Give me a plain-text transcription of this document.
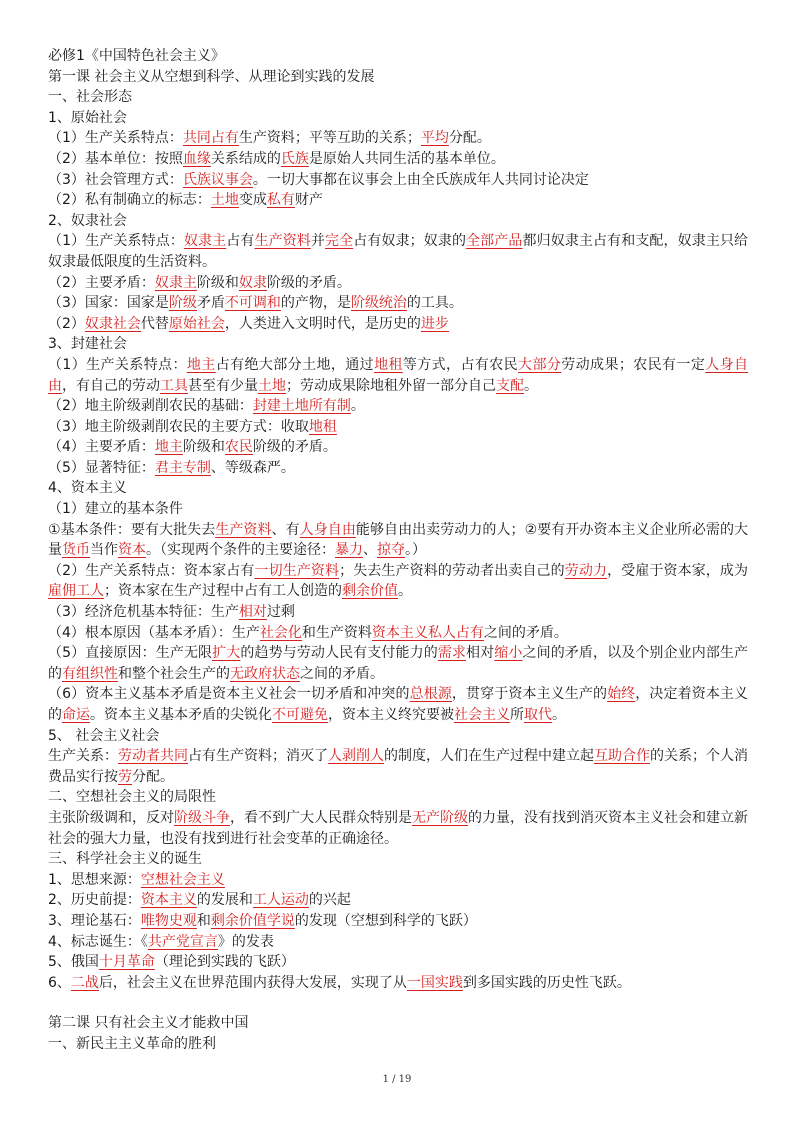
必修1《中国特色社会主义》
第一课 社会主义从空想到科学、从理论到实践的发展
一、社会形态
1、原始社会
（1）生产关系特点：共同占有生产资料；平等互助的关系；平均分配。
（2）基本单位：按照血缘关系结成的氏族是原始人共同生活的基本单位。
（3）社会管理方式：氏族议事会。一切大事都在议事会上由全氏族成年人共同讨论决定
（2）私有制确立的标志：土地变成私有财产
2、奴隶社会
（1）生产关系特点：奴隶主占有生产资料并完全占有奴隶；奴隶的全部产品都归奴隶主占有和支配，奴隶主只给奴隶最低限度的生活资料。
（2）主要矛盾：奴隶主阶级和奴隶阶级的矛盾。
（3）国家：国家是阶级矛盾不可调和的产物，是阶级统治的工具。
（2）奴隶社会代替原始社会，人类进入文明时代，是历史的进步
3、封建社会
（1）生产关系特点：地主占有绝大部分土地，通过地租等方式，占有农民大部分劳动成果；农民有一定人身自由，有自己的劳动工具甚至有少量土地；劳动成果除地租外留一部分自己支配。
（2）地主阶级剥削农民的基础：封建土地所有制。
（3）地主阶级剥削农民的主要方式：收取地租
（4）主要矛盾：地主阶级和农民阶级的矛盾。
（5）显著特征：君主专制、等级森严。
4、资本主义
（1）建立的基本条件
①基本条件：要有大批失去生产资料、有人身自由能够自由出卖劳动力的人；②要有开办资本主义企业所必需的大量货币当作资本。（实现两个条件的主要途径：暴力、掠夺。）
（2）生产关系特点：资本家占有一切生产资料；失去生产资料的劳动者出卖自己的劳动力，受雇于资本家，成为雇佣工人；资本家在生产过程中占有工人创造的剩余价值。
（3）经济危机基本特征：生产相对过剩
（4）根本原因（基本矛盾）：生产社会化和生产资料资本主义私人占有之间的矛盾。
（5）直接原因：生产无限扩大的趋势与劳动人民有支付能力的需求相对缩小之间的矛盾，以及个别企业内部生产的有组织性和整个社会生产的无政府状态之间的矛盾。
（6）资本主义基本矛盾是资本主义社会一切矛盾和冲突的总根源，贯穿于资本主义生产的始终，决定着资本主义的命运。资本主义基本矛盾的尖锐化不可避免，资本主义终究要被社会主义所取代。
5、 社会主义社会
生产关系：劳动者共同占有生产资料；消灭了人剥削人的制度，人们在生产过程中建立起互助合作的关系；个人消费品实行按劳分配。
二、空想社会主义的局限性
主张阶级调和，反对阶级斗争，看不到广大人民群众特别是无产阶级的力量，没有找到消灭资本主义社会和建立新社会的强大力量，也没有找到进行社会变革的正确途径。
三、科学社会主义的诞生
1、思想来源：空想社会主义
2、历史前提：资本主义的发展和工人运动的兴起
3、理论基石：唯物史观和剩余价值学说的发现（空想到科学的飞跃）
4、标志诞生：《共产党宣言》的发表
5、俄国十月革命（理论到实践的飞跃）
6、二战后，社会主义在世界范围内获得大发展，实现了从一国实践到多国实践的历史性飞跃。
第二课 只有社会主义才能救中国
一、新民主主义革命的胜利
1 / 19
